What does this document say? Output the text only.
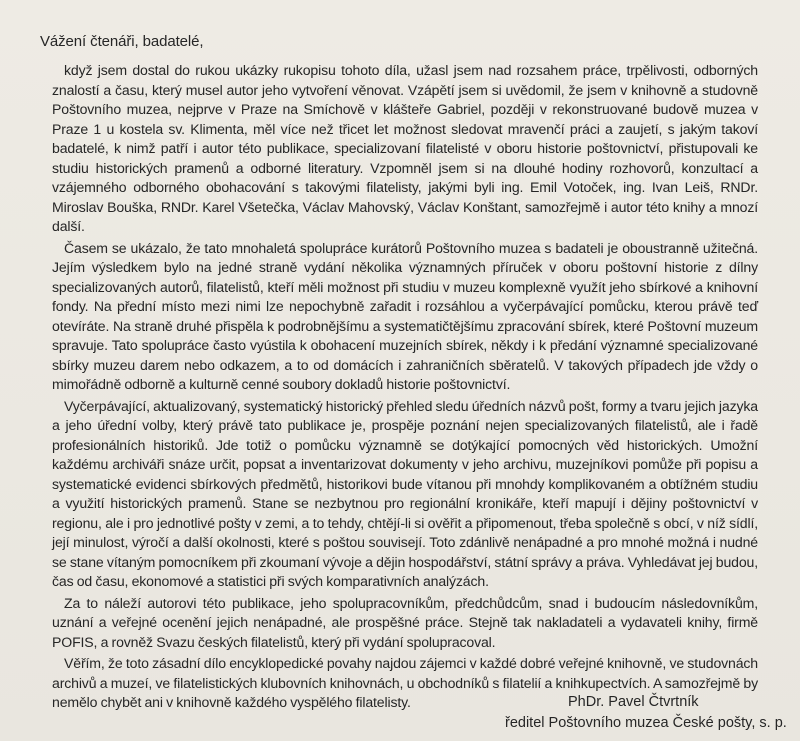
Vážení čtenáři, badatelé,

když jsem dostal do rukou ukázky rukopisu tohoto díla, užasl jsem nad rozsahem práce, trpělivosti, odborných znalostí a času, který musel autor jeho vytvoření věnovat. Vzápětí jsem si uvědomil, že jsem v knihovně a studovně Poštovního muzea, nejprve v Praze na Smíchově v klášteře Gabriel, později v rekonstruované budově muzea v Praze 1 u kostela sv. Klimenta, měl více než třicet let možnost sledovat mravenčí práci a zaujetí, s jakým takoví badatelé, k nimž patří i autor této publikace, specializovaní filatelisté v oboru historie poštovnictví, přistupovali ke studiu historických pramenů a odborné literatury. Vzpomněl jsem si na dlouhé hodiny rozhovorů, konzultací a vzájemného odborného obohacování s takovými filatelisty, jakými byli ing. Emil Votoček, ing. Ivan Leiš, RNDr. Miroslav Bouška, RNDr. Karel Všetečka, Václav Mahovský, Václav Konštant, samozřejmě i autor této knihy a mnozí další.

Časem se ukázalo, že tato mnohaletá spolupráce kurátorů Poštovního muzea s badateli je oboustranně užitečná. Jejím výsledkem bylo na jedné straně vydání několika významných příruček v oboru poštovní historie z dílny specializovaných autorů, filatelistů, kteří měli možnost při studiu v muzeu komplexně využít jeho sbírkové a knihovní fondy. Na přední místo mezi nimi lze nepochybně zařadit i rozsáhlou a vyčerpávající pomůcku, kterou právě teď otevíráte. Na straně druhé přispěla k podrobnějšímu a systematičtějšímu zpracování sbírek, které Poštovní muzeum spravuje. Tato spolupráce často vyústila k obohacení muzejních sbírek, někdy i k předání významné specializované sbírky muzeu darem nebo odkazem, a to od domácích i zahraničních sběratelů. V takových případech jde vždy o mimořádně odborně a kulturně cenné soubory dokladů historie poštovnictví.

Vyčerpávající, aktualizovaný, systematický historický přehled sledu úředních názvů pošt, formy a tvaru jejich jazyka a jeho úřední volby, který právě tato publikace je, prospěje poznání nejen specializovaných filatelistů, ale i řadě profesionálních historiků. Jde totiž o pomůcku významně se dotýkající pomocných věd historických. Umožní každému archiváři snáze určit, popsat a inventarizovat dokumenty v jeho archivu, muzejníkovi pomůže při popisu a systematické evidenci sbírkových předmětů, historikovi bude vítanou při mnohdy komplikovaném a obtížném studiu a využití historických pramenů. Stane se nezbytnou pro regionální kronikáře, kteří mapují i dějiny poštovnictví v regionu, ale i pro jednotlivé pošty v zemi, a to tehdy, chtějí-li si ověřit a připomenout, třeba společně s obcí, v níž sídlí, její minulost, výročí a další okolnosti, které s poštou souvisejí. Toto zdánlivě nenápadné a pro mnohé možná i nudné se stane vítaným pomocníkem při zkoumaní vývoje a dějin hospodářství, státní správy a práva. Vyhledávat jej budou, čas od času, ekonomové a statistici při svých komparativních analýzách.

Za to náleží autorovi této publikace, jeho spolupracovníkům, předchůdcům, snad i budoucím následovníkům, uznání a veřejné ocenění jejich nenápadné, ale prospěšné práce. Stejně tak nakladateli a vydavateli knihy, firmě POFIS, a rovněž Svazu českých filatelistů, který při vydání spolupracoval.

Věřím, že toto zásadní dílo encyklopedické povahy najdou zájemci v každé dobré veřejné knihovně, ve studovnách archivů a muzeí, ve filatelistických klubovních knihovnách, u obchodníků s filatelií a knihkupectvích. A samozřejmě by nemělo chybět ani v knihovně každého vyspělého filatelisty.	PhDr. Pavel Čtvrtník
ředitel Poštovního muzea České pošty, s. p.
